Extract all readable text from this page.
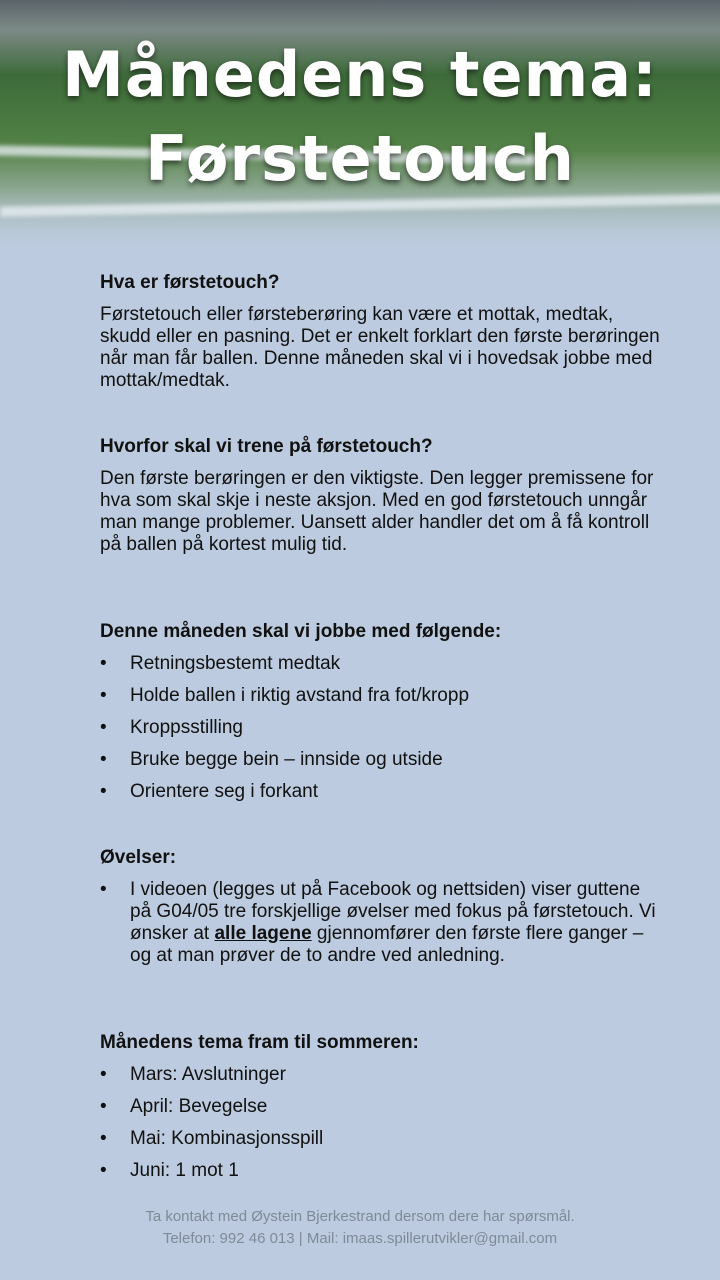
Månedens tema:
Førstetouch
Hva er førstetouch?

Førstetouch eller førsteberøring kan være et mottak, medtak, skudd eller en pasning. Det er enkelt forklart den første berøringen når man får ballen. Denne måneden skal vi i hovedsak jobbe med mottak/medtak.

Hvorfor skal vi trene på førstetouch?

Den første berøringen er den viktigste. Den legger premissene for hva som skal skje i neste aksjon. Med en god førstetouch unngår man mange problemer. Uansett alder handler det om å få kontroll på ballen på kortest mulig tid.

Denne måneden skal vi jobbe med følgende:
• Retningsbestemt medtak
• Holde ballen i riktig avstand fra fot/kropp
• Kroppsstilling
• Bruke begge bein – innside og utside
• Orientere seg i forkant
Øvelser:
• I videoen (legges ut på Facebook og nettsiden) viser guttene på G04/05 tre forskjellige øvelser med fokus på førstetouch. Vi ønsker at alle lagene gjennomfører den første flere ganger – og at man prøver de to andre ved anledning.
Månedens tema fram til sommeren:
• Mars: Avslutninger
• April: Bevegelse
• Mai: Kombinasjonsspill
• Juni: 1 mot 1
Ta kontakt med Øystein Bjerkestrand dersom dere har spørsmål.
Telefon: 992 46 013 | Mail: imaas.spillerutvikler@gmail.com
